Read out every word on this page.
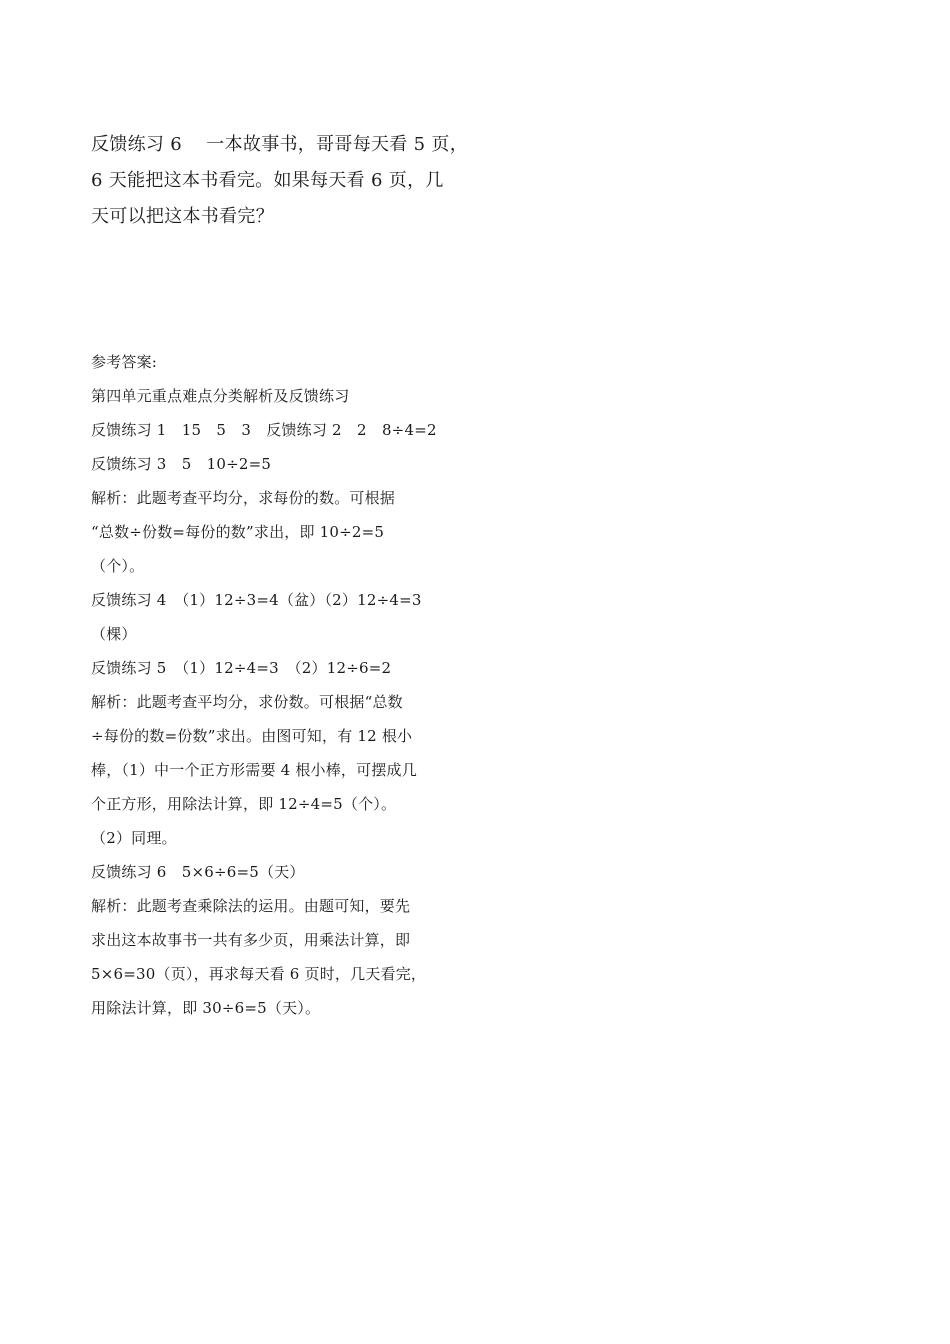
反馈练习 6 　一本故事书，哥哥每天看 5 页，
6 天能把这本书看完。如果每天看 6 页，几
天可以把这本书看完？
参考答案:
第四单元重点难点分类解析及反馈练习
反馈练习 1　15　5　3　反馈练习 2　2　8÷4=2
反馈练习 3　5　10÷2=5
解析：此题考查平均分，求每份的数。可根据
“总数÷份数=每份的数”求出，即 10÷2=5
（个）。
反馈练习 4　（1）12÷3=4（盆）（2）12÷4=3
（棵）
反馈练习 5　（1）12÷4=3　（2）12÷6=2
解析：此题考查平均分，求份数。可根据“总数
÷每份的数=份数”求出。由图可知，有 12 根小
棒，（1）中一个正方形需要 4 根小棒，可摆成几
个正方形，用除法计算，即 12÷4=5（个）。
（2）同理。
反馈练习 6　5×6÷6=5（天）
解析：此题考查乘除法的运用。由题可知，要先
求出这本故事书一共有多少页，用乘法计算，即
5×6=30（页），再求每天看 6 页时，几天看完，
用除法计算，即 30÷6=5（天）。
